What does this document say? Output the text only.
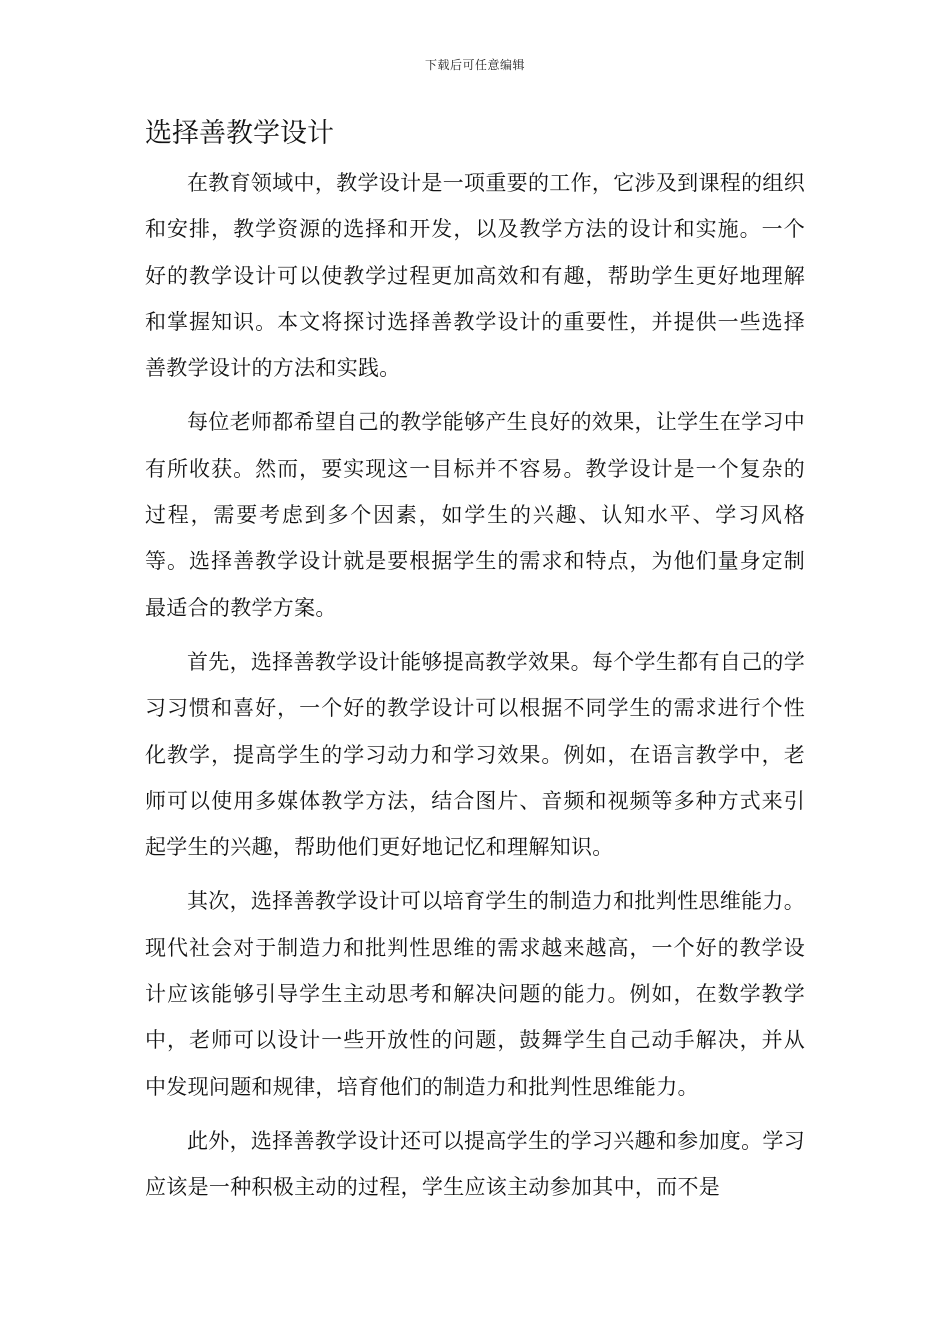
下载后可任意编辑
选择善教学设计

在教育领域中，教学设计是一项重要的工作，它涉及到课程的组织和安排，教学资源的选择和开发，以及教学方法的设计和实施。一个好的教学设计可以使教学过程更加高效和有趣，帮助学生更好地理解和掌握知识。本文将探讨选择善教学设计的重要性，并提供一些选择善教学设计的方法和实践。

每位老师都希望自己的教学能够产生良好的效果，让学生在学习中有所收获。然而，要实现这一目标并不容易。教学设计是一个复杂的过程，需要考虑到多个因素，如学生的兴趣、认知水平、学习风格等。选择善教学设计就是要根据学生的需求和特点，为他们量身定制最适合的教学方案。

首先，选择善教学设计能够提高教学效果。每个学生都有自己的学习习惯和喜好，一个好的教学设计可以根据不同学生的需求进行个性化教学，提高学生的学习动力和学习效果。例如，在语言教学中，老师可以使用多媒体教学方法，结合图片、音频和视频等多种方式来引起学生的兴趣，帮助他们更好地记忆和理解知识。

其次，选择善教学设计可以培育学生的制造力和批判性思维能力。现代社会对于制造力和批判性思维的需求越来越高，一个好的教学设计应该能够引导学生主动思考和解决问题的能力。例如，在数学教学中，老师可以设计一些开放性的问题，鼓舞学生自己动手解决，并从中发现问题和规律，培育他们的制造力和批判性思维能力。

此外，选择善教学设计还可以提高学生的学习兴趣和参加度。学习应该是一种积极主动的过程，学生应该主动参加其中，而不是
